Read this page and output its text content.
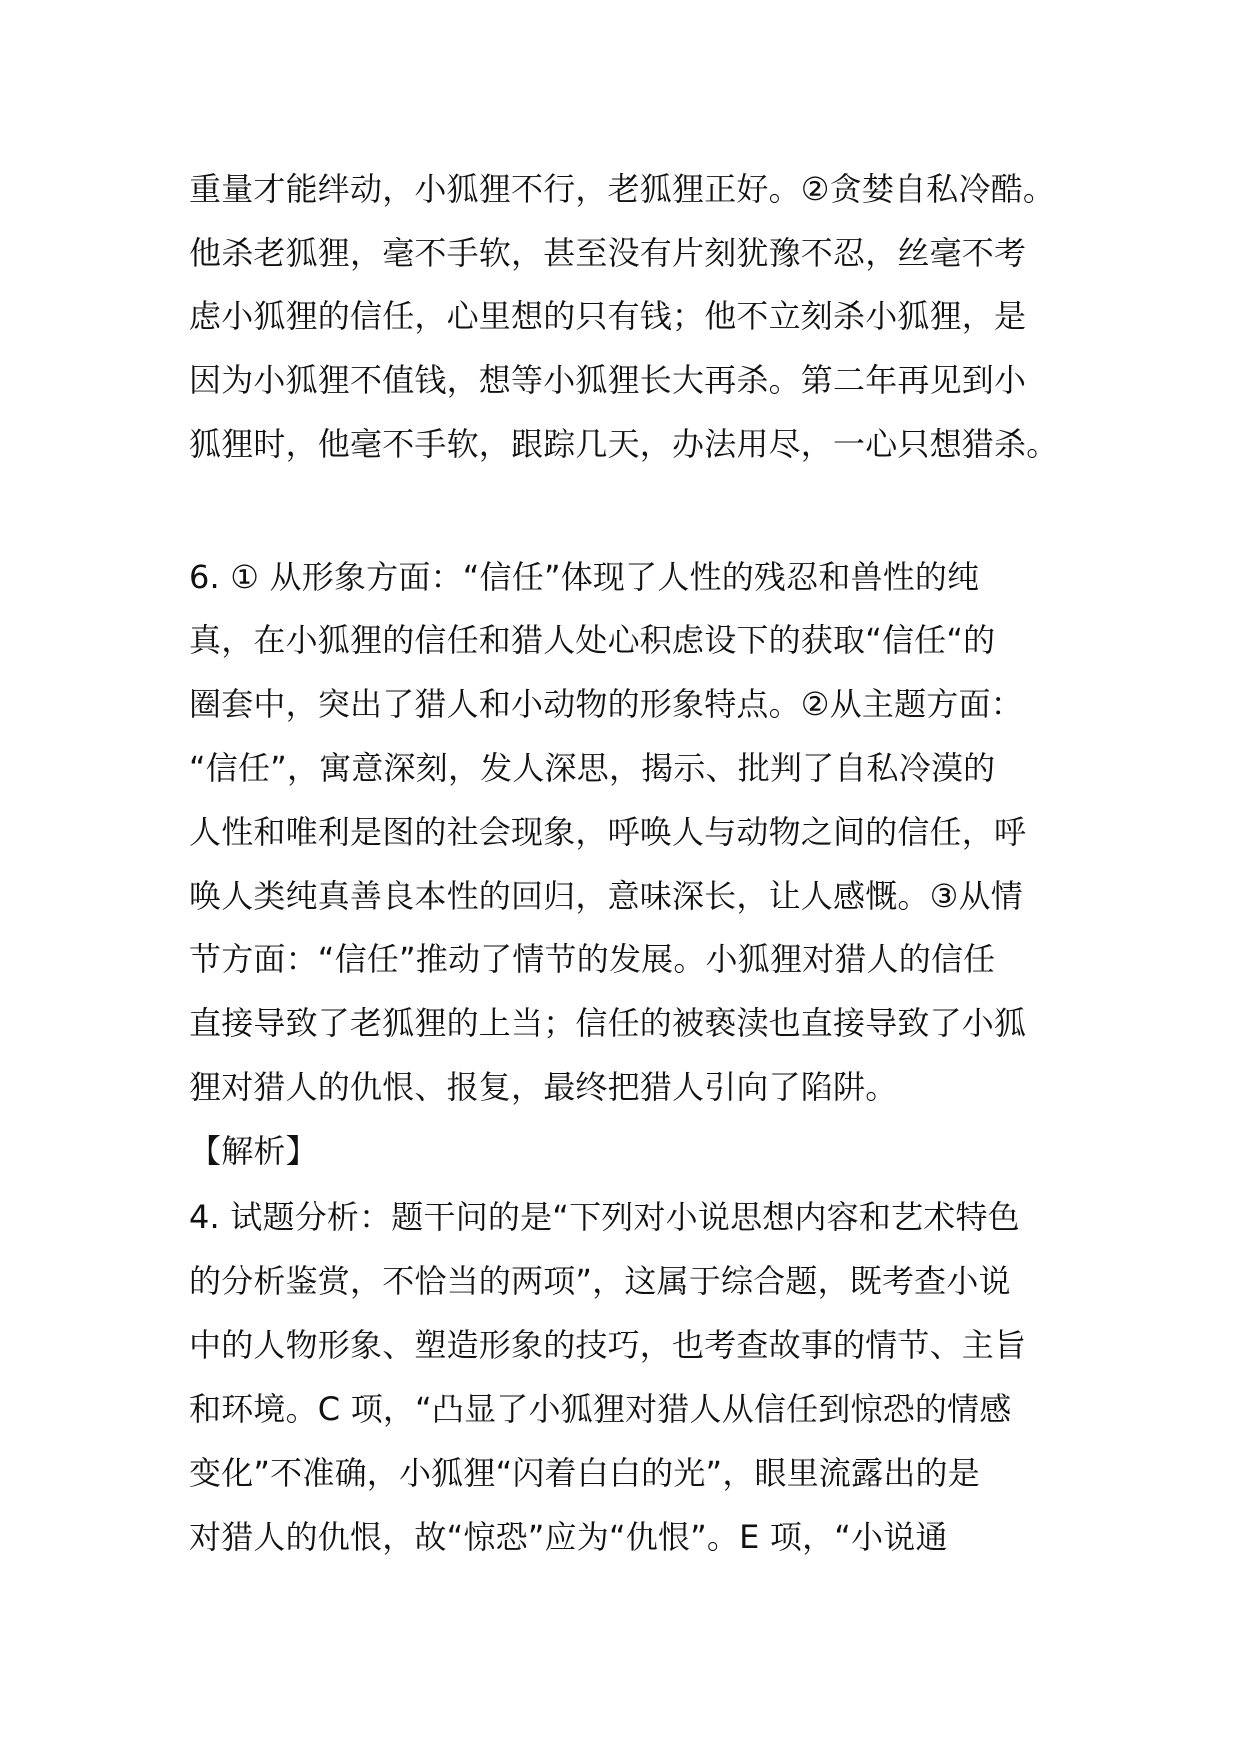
重量才能绊动，小狐狸不行，老狐狸正好。②贪婪自私冷酷。
他杀老狐狸，毫不手软，甚至没有片刻犹豫不忍，丝毫不考
虑小狐狸的信任，心里想的只有钱；他不立刻杀小狐狸，是
因为小狐狸不值钱，想等小狐狸长大再杀。第二年再见到小
狐狸时，他毫不手软，跟踪几天，办法用尽，一心只想猎杀。
6. ① 从形象方面：“信任”体现了人性的残忍和兽性的纯
真，在小狐狸的信任和猎人处心积虑设下的获取“信任“的
圈套中，突出了猎人和小动物的形象特点。②从主题方面：
“信任”，寓意深刻，发人深思，揭示、批判了自私冷漠的
人性和唯利是图的社会现象，呼唤人与动物之间的信任，呼
唤人类纯真善良本性的回归，意味深长，让人感慨。③从情
节方面：“信任”推动了情节的发展。小狐狸对猎人的信任
直接导致了老狐狸的上当；信任的被亵渎也直接导致了小狐
狸对猎人的仇恨、报复，最终把猎人引向了陷阱。
【解析】
4. 试题分析：题干问的是“下列对小说思想内容和艺术特色
的分析鉴赏，不恰当的两项”，这属于综合题，既考查小说
中的人物形象、塑造形象的技巧，也考查故事的情节、主旨
和环境。C 项，“凸显了小狐狸对猎人从信任到惊恐的情感
变化”不准确，小狐狸“闪着白白的光”，眼里流露出的是
对猎人的仇恨，故“惊恐”应为“仇恨”。E 项，“小说通
